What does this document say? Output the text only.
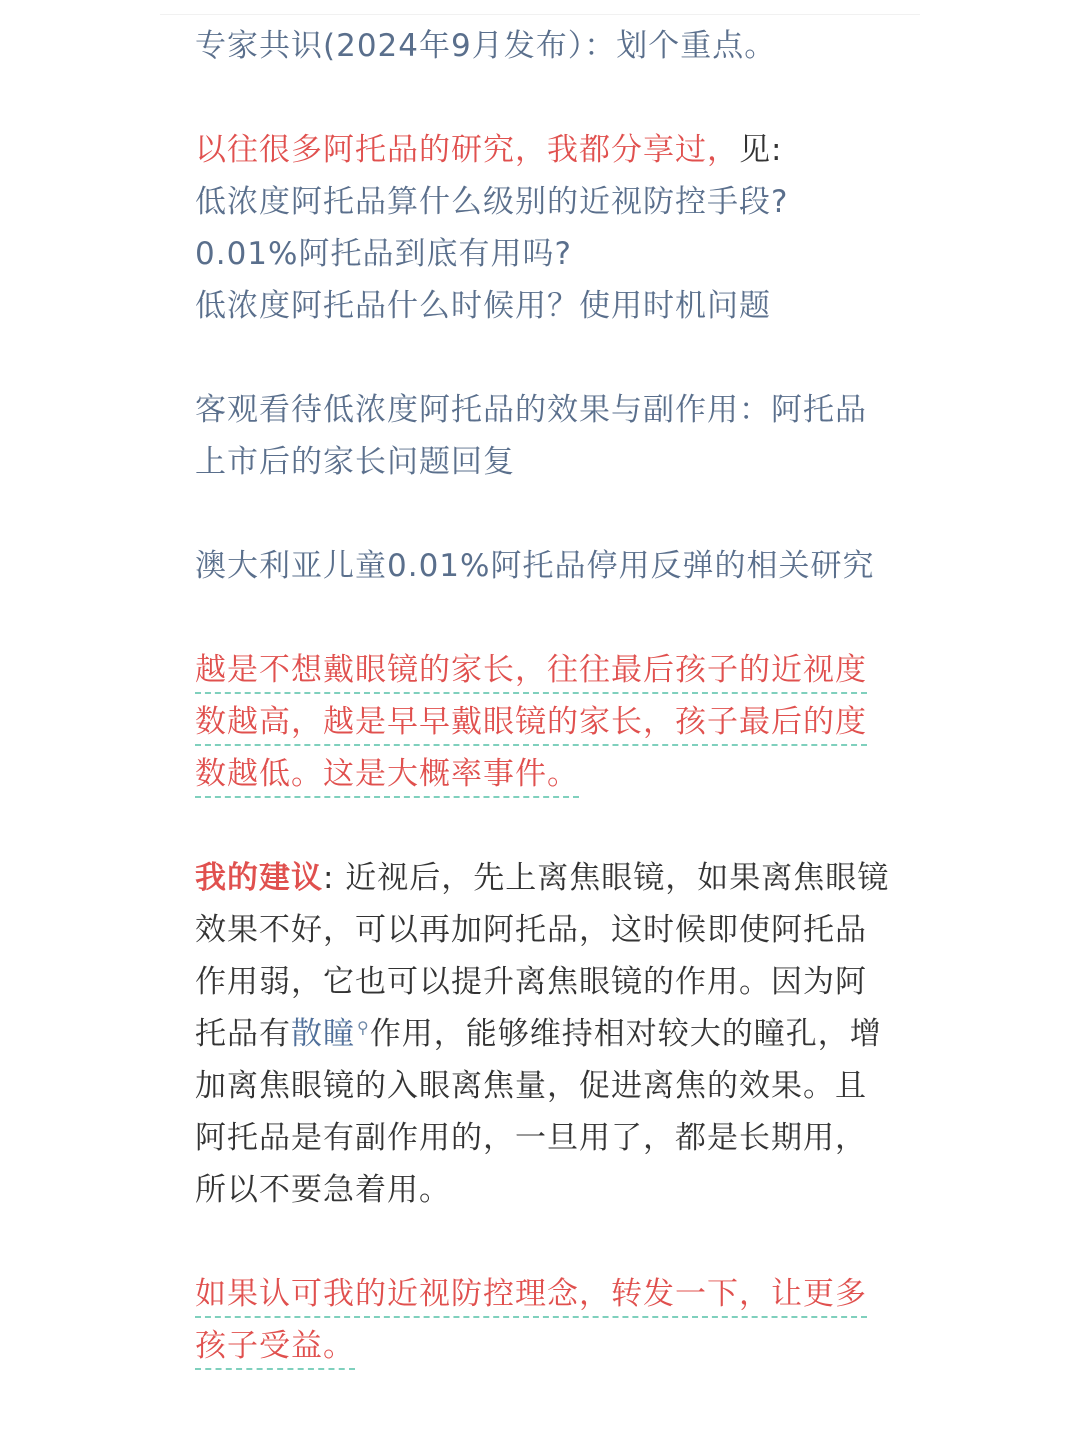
专家共识(2024年9月发布）：划个重点。

以往很多阿托品的研究，我都分享过，见:
低浓度阿托品算什么级别的近视防控手段?
0.01%阿托品到底有用吗?
低浓度阿托品什么时候用？使用时机问题

客观看待低浓度阿托品的效果与副作用：阿托品上市后的家长问题回复

澳大利亚儿童0.01%阿托品停用反弹的相关研究

越是不想戴眼镜的家长，往往最后孩子的近视度数越高，越是早早戴眼镜的家长，孩子最后的度数越低。这是大概率事件。

我的建议: 近视后，先上离焦眼镜，如果离焦眼镜效果不好，可以再加阿托品，这时候即使阿托品作用弱，它也可以提升离焦眼镜的作用。因为阿托品有散瞳 ⚲作用，能够维持相对较大的瞳孔，增加离焦眼镜的入眼离焦量，促进离焦的效果。且阿托品是有副作用的，一旦用了，都是长期用，所以不要急着用。

如果认可我的近视防控理念，转发一下，让更多孩子受益。
